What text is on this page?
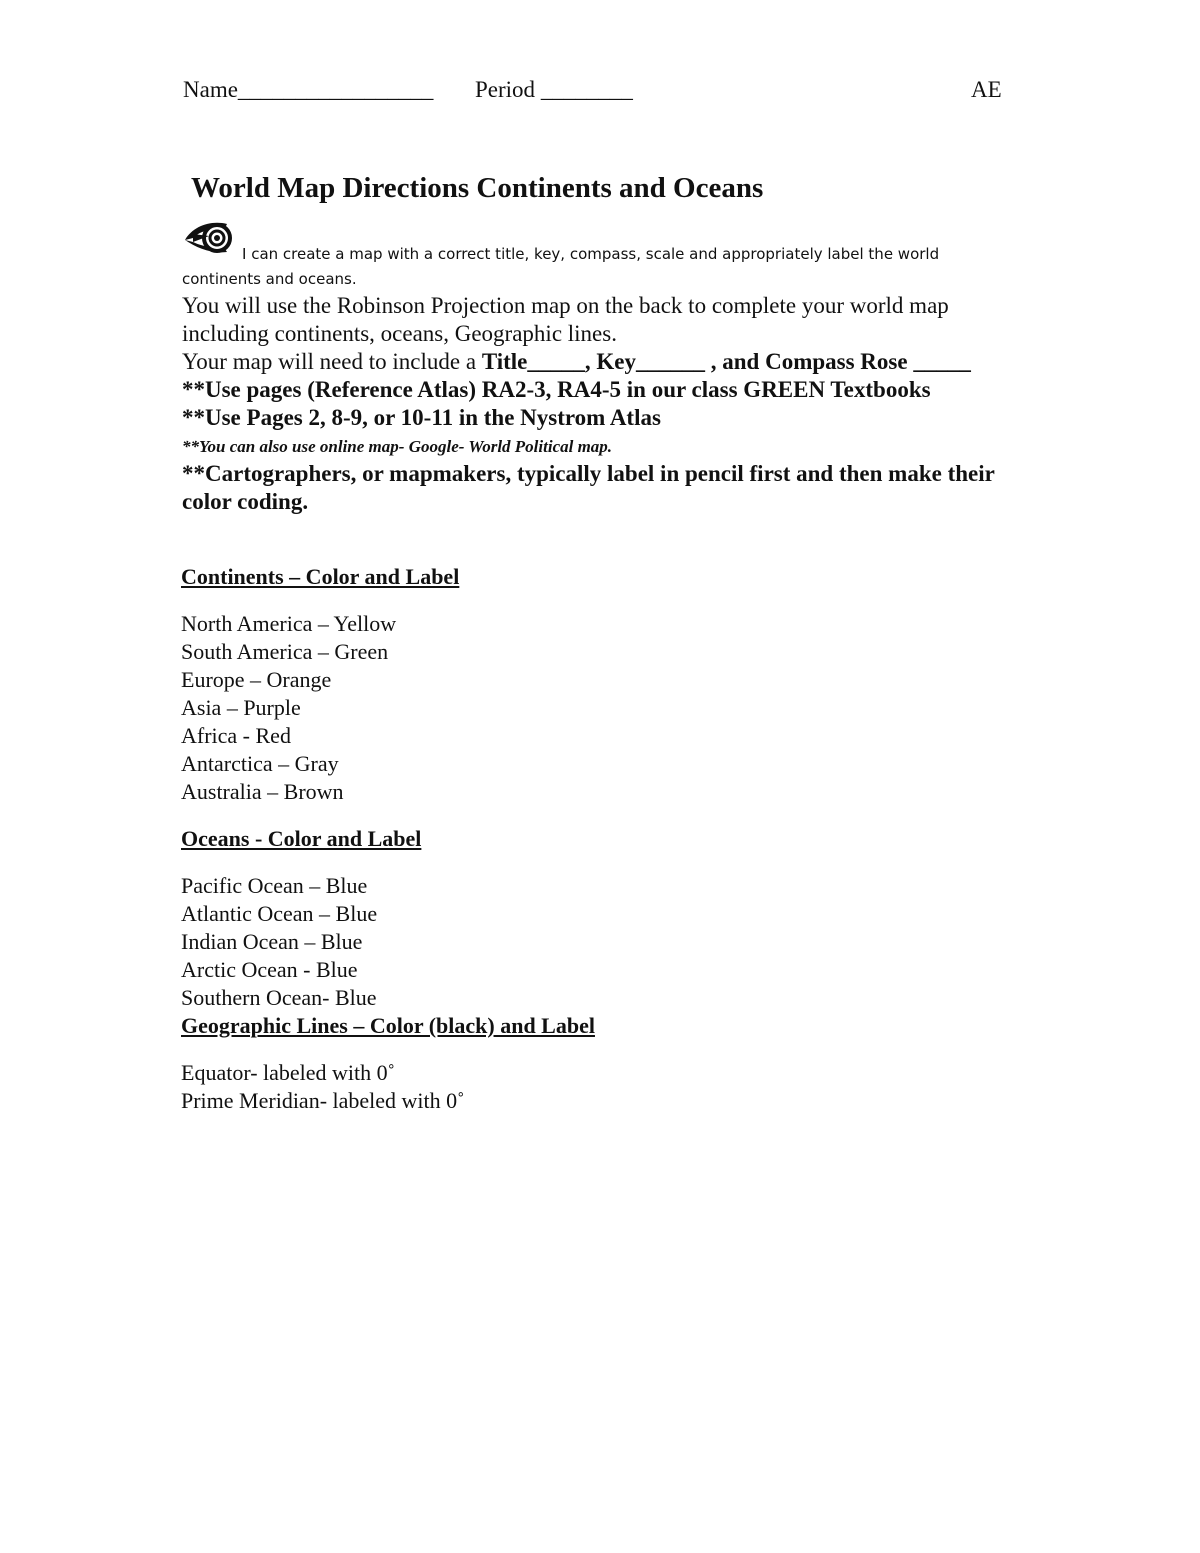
Name_________________ Period ________	AE
World Map Directions Continents and Oceans
I can create a map with a correct title, key, compass, scale and appropriately label the world
continents and oceans.
You will use the Robinson Projection map on the back to complete your world map
including continents, oceans, Geographic lines.
Your map will need to include a Title_____, Key______ , and Compass Rose _____
**Use pages (Reference Atlas) RA2-3, RA4-5 in our class GREEN Textbooks
**Use Pages 2, 8-9, or 10-11 in the Nystrom Atlas
**You can also use online map- Google- World Political map.
**Cartographers, or mapmakers, typically label in pencil first and then make their
color coding.
Continents – Color and Label
North America – Yellow
South America – Green
Europe – Orange
Asia – Purple
Africa - Red
Antarctica – Gray
Australia – Brown
Oceans - Color and Label
Pacific Ocean – Blue
Atlantic Ocean – Blue
Indian Ocean – Blue
Arctic Ocean - Blue
Southern Ocean- Blue
Geographic Lines – Color (black) and Label
Equator- labeled with 0˚
Prime Meridian- labeled with 0˚
